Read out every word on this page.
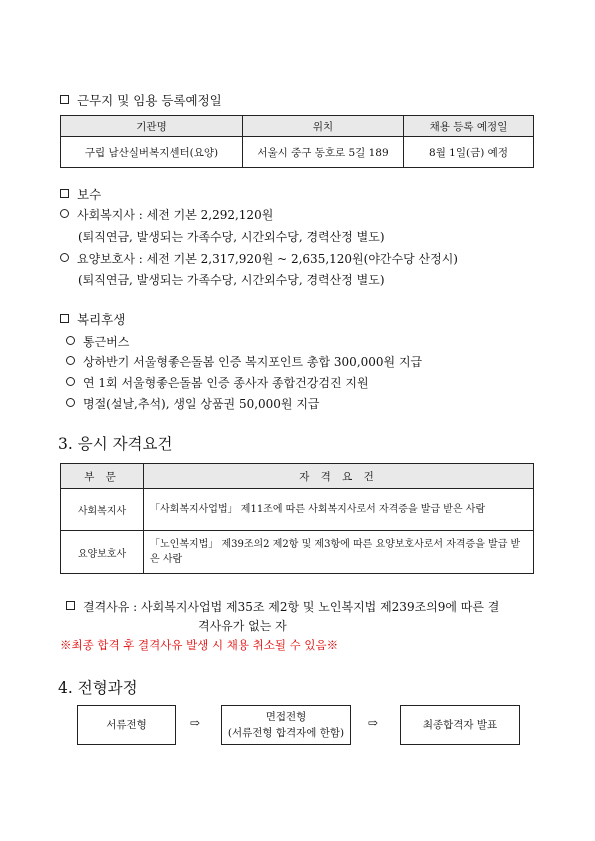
근무지 및 임용 등록예정일
기관명	위치	채용 등록 예정일
구립 남산실버복지센터(요양)	서울시 중구 동호로 5길 189	8월 1일(금) 예정
보수
사회복지사 : 세전 기본 2,292,120원
(퇴직연금, 발생되는 가족수당, 시간외수당, 경력산정 별도)
요양보호사 : 세전 기본 2,317,920원 ~ 2,635,120원(야간수당 산정시)
(퇴직연금, 발생되는 가족수당, 시간외수당, 경력산정 별도)
복리후생
통근버스
상하반기 서울형좋은돌봄 인증 복지포인트 총합 300,000원 지급
연 1회 서울형좋은돌봄 인증 종사자 종합건강검진 지원
명절(설날,추석), 생일 상품권 50,000원 지급
3. 응시 자격요건
부 문	자 격 요 건
사회복지사	「사회복지사업법」 제11조에 따른 사회복지사로서 자격증을 발급 받은 사람
요양보호사	「노인복지법」 제39조의2 제2항 및 제3항에 따른 요양보호사로서 자격증을 발급 받은 사람
결격사유 : 사회복지사업법 제35조 제2항 및 노인복지법 제239조의9에 따른 결
격사유가 없는 자
※최종 합격 후 결격사유 발생 시 채용 취소될 수 있음※
4. 전형과정
서류전형	⇨	면접전형
(서류전형 합격자에 한함)
⇨	최종합격자 발표
